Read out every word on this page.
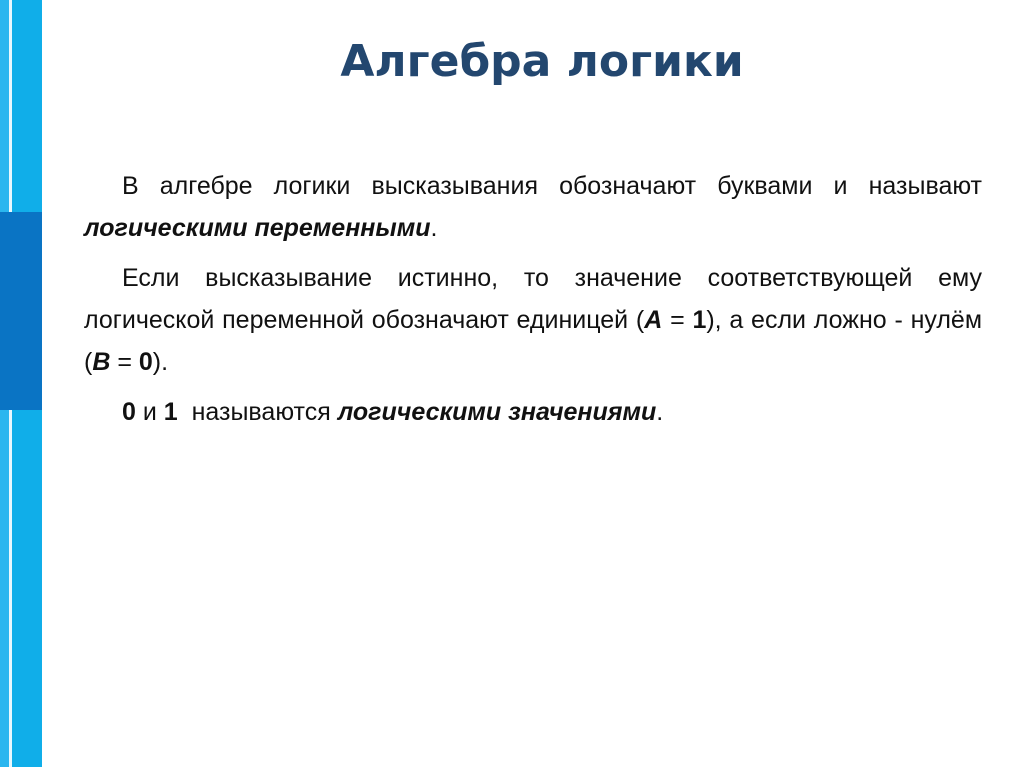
Алгебра логики

В алгебре логики высказывания обозначают буквами и называют логическими переменными.

Если высказывание истинно, то значение соответствующей ему логической переменной обозначают единицей (A = 1), а если ложно - нулём (B = 0).

0 и 1  называются логическими значениями.
